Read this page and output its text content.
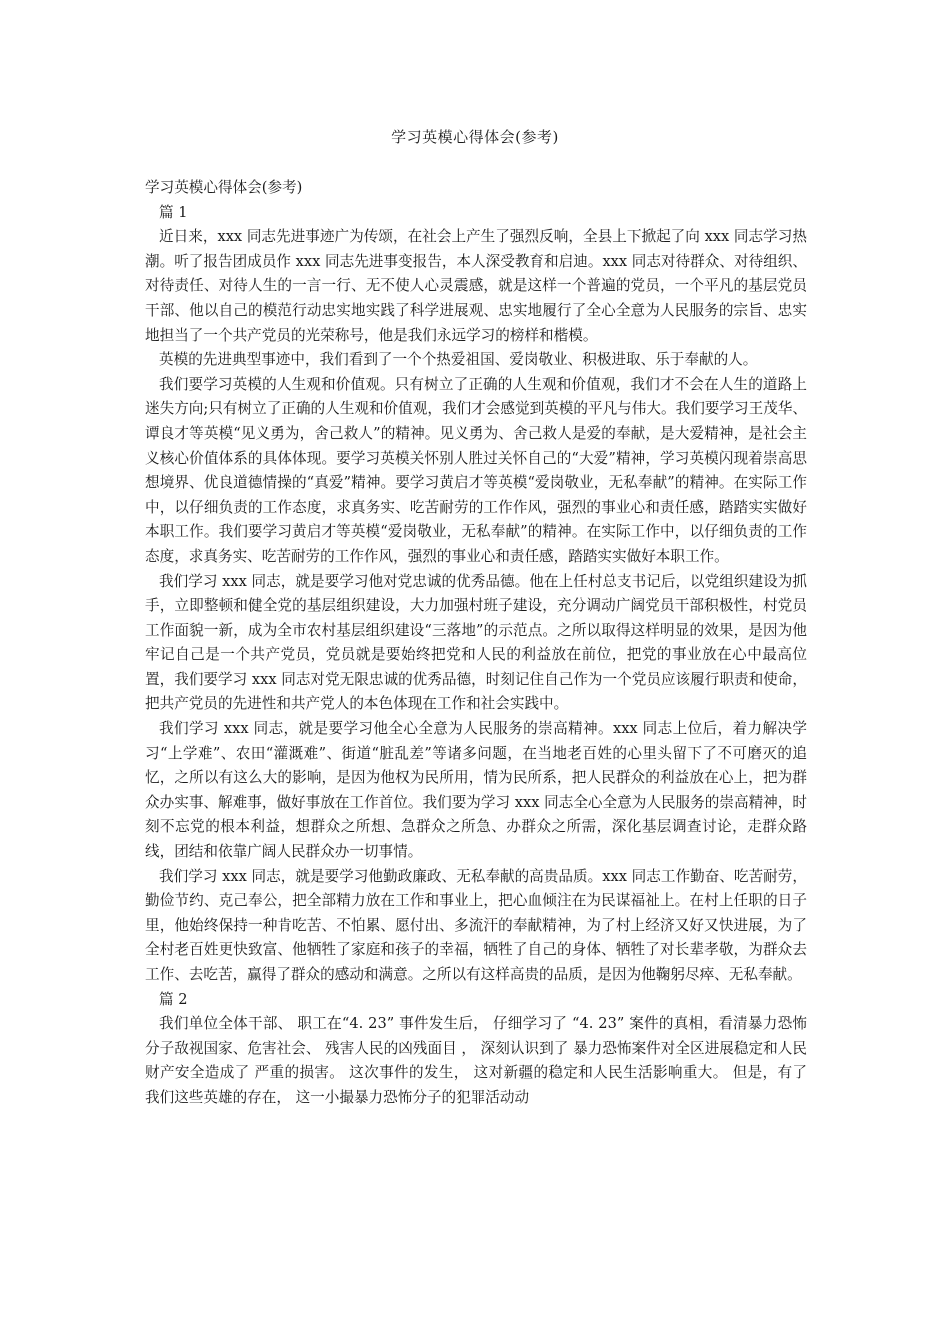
学习英模心得体会(参考)

学习英模心得体会(参考)

篇 1

近日来，xxx 同志先进事迹广为传颂，在社会上产生了强烈反响，全县上下掀起了向 xxx 同志学习热潮。听了报告团成员作 xxx 同志先进事变报告，本人深受教育和启迪。xxx 同志对待群众、对待组织、对待责任、对待人生的一言一行、无不使人心灵震感，就是这样一个普遍的党员，一个平凡的基层党员干部、他以自己的模范行动忠实地实践了科学进展观、忠实地履行了全心全意为人民服务的宗旨、忠实地担当了一个共产党员的光荣称号，他是我们永远学习的榜样和楷模。

英模的先进典型事迹中，我们看到了一个个热爱祖国、爱岗敬业、积极进取、乐于奉献的人。

我们要学习英模的人生观和价值观。只有树立了正确的人生观和价值观，我们才不会在人生的道路上迷失方向;只有树立了正确的人生观和价值观，我们才会感觉到英模的平凡与伟大。我们要学习王茂华、谭良才等英模“见义勇为，舍己救人”的精神。见义勇为、舍己救人是爱的奉献，是大爱精神，是社会主义核心价值体系的具体体现。要学习英模关怀别人胜过关怀自己的“大爱”精神，学习英模闪现着崇高思想境界、优良道德情操的“真爱”精神。要学习黄启才等英模“爱岗敬业，无私奉献”的精神。在实际工作中，以仔细负责的工作态度，求真务实、吃苦耐劳的工作作风，强烈的事业心和责任感，踏踏实实做好本职工作。我们要学习黄启才等英模“爱岗敬业，无私奉献”的精神。在实际工作中，以仔细负责的工作态度，求真务实、吃苦耐劳的工作作风，强烈的事业心和责任感，踏踏实实做好本职工作。

我们学习 xxx 同志，就是要学习他对党忠诚的优秀品德。他在上任村总支书记后，以党组织建设为抓手，立即整顿和健全党的基层组织建设，大力加强村班子建设，充分调动广阔党员干部积极性，村党员工作面貌一新，成为全市农村基层组织建设“三落地”的示范点。之所以取得这样明显的效果，是因为他牢记自己是一个共产党员，党员就是要始终把党和人民的利益放在前位，把党的事业放在心中最高位置，我们要学习 xxx 同志对党无限忠诚的优秀品德，时刻记住自己作为一个党员应该履行职责和使命，把共产党员的先进性和共产党人的本色体现在工作和社会实践中。

我们学习 xxx 同志，就是要学习他全心全意为人民服务的崇高精神。xxx 同志上位后，着力解决学习“上学难”、农田“灌溉难”、街道“脏乱差”等诸多问题，在当地老百姓的心里头留下了不可磨灭的追忆，之所以有这么大的影响，是因为他权为民所用，情为民所系，把人民群众的利益放在心上，把为群众办实事、解难事，做好事放在工作首位。我们要为学习 xxx 同志全心全意为人民服务的崇高精神，时刻不忘党的根本利益，想群众之所想、急群众之所急、办群众之所需，深化基层调查讨论，走群众路线，团结和依靠广阔人民群众办一切事情。

我们学习 xxx 同志，就是要学习他勤政廉政、无私奉献的高贵品质。xxx 同志工作勤奋、吃苦耐劳，勤俭节约、克己奉公，把全部精力放在工作和事业上，把心血倾注在为民谋福祉上。在村上任职的日子里，他始终保持一种肯吃苦、不怕累、愿付出、多流汗的奉献精神，为了村上经济又好又快进展，为了全村老百姓更快致富、他牺牲了家庭和孩子的幸福，牺牲了自己的身体、牺牲了对长辈孝敬，为群众去工作、去吃苦，赢得了群众的感动和满意。之所以有这样高贵的品质，是因为他鞠躬尽瘁、无私奉献。

篇 2

我们单位全体干部、 职工在“4. 23” 事件发生后， 仔细学习了 “4. 23” 案件的真相，看清暴力恐怖分子敌视国家、危害社会、 残害人民的凶残面目 ， 深刻认识到了 暴力恐怖案件对全区进展稳定和人民财产安全造成了 严重的损害。 这次事件的发生， 这对新疆的稳定和人民生活影响重大。 但是，有了 我们这些英雄的存在， 这一小撮暴力恐怖分子的犯罪活动动
